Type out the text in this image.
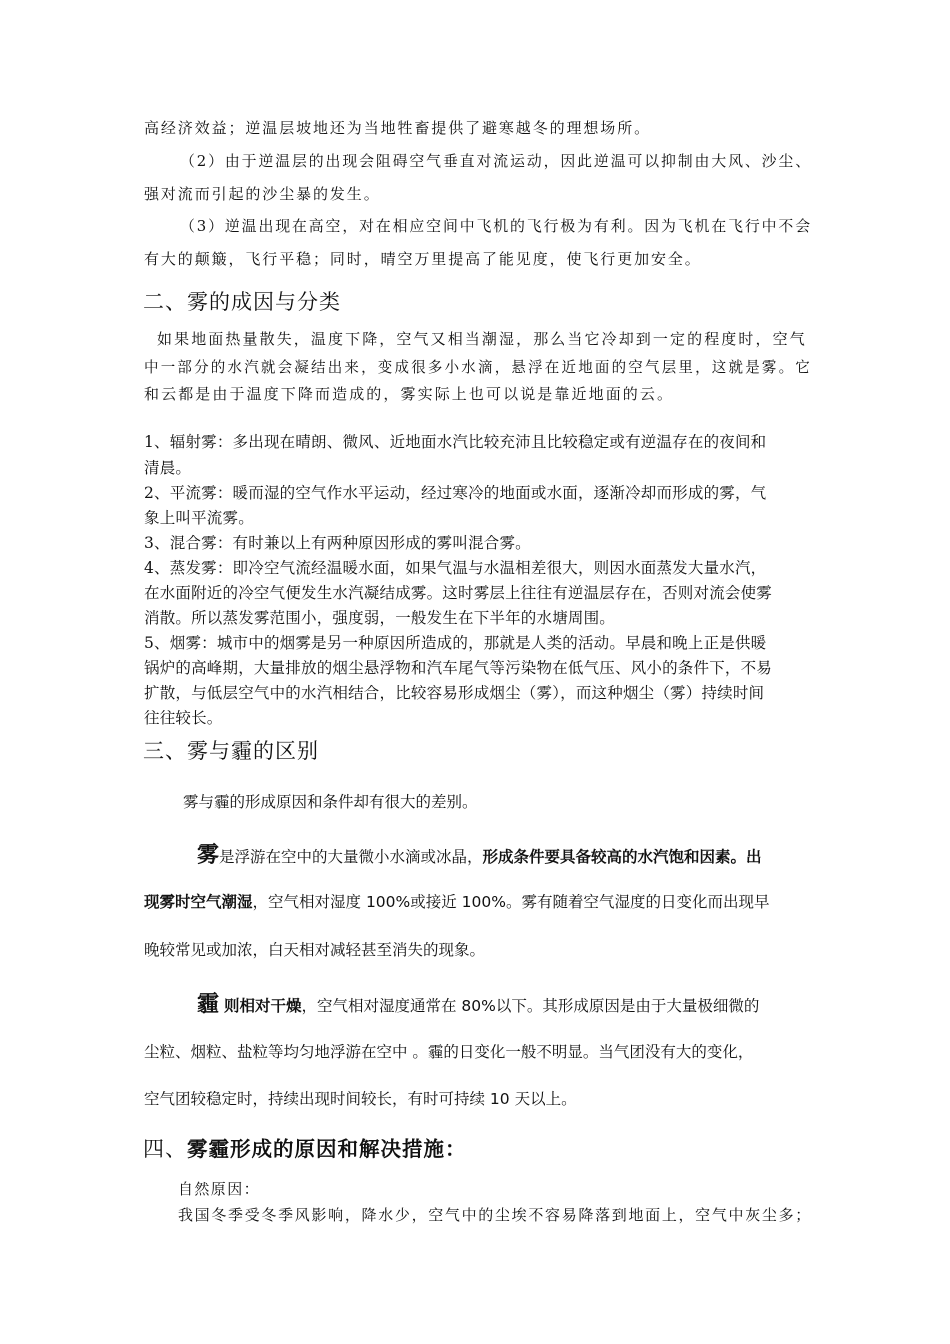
高经济效益；逆温层坡地还为当地牲畜提供了避寒越冬的理想场所。
（2）由于逆温层的出现会阻碍空气垂直对流运动，因此逆温可以抑制由大风、沙尘、
强对流而引起的沙尘暴的发生。
（3）逆温出现在高空，对在相应空间中飞机的飞行极为有利。因为飞机在飞行中不会
有大的颠簸，飞行平稳；同时，晴空万里提高了能见度，使飞行更加安全。
二、雾的成因与分类
如果地面热量散失，温度下降，空气又相当潮湿，那么当它冷却到一定的程度时，空气
中一部分的水汽就会凝结出来，变成很多小水滴，悬浮在近地面的空气层里，这就是雾。它
和云都是由于温度下降而造成的，雾实际上也可以说是靠近地面的云。
1、辐射雾：多出现在晴朗、微风、近地面水汽比较充沛且比较稳定或有逆温存在的夜间和
清晨。
2、平流雾：暖而湿的空气作水平运动，经过寒冷的地面或水面，逐渐冷却而形成的雾，气
象上叫平流雾。
3、混合雾：有时兼以上有两种原因形成的雾叫混合雾。
4、蒸发雾：即冷空气流经温暖水面，如果气温与水温相差很大，则因水面蒸发大量水汽，
在水面附近的冷空气便发生水汽凝结成雾。这时雾层上往往有逆温层存在，否则对流会使雾
消散。所以蒸发雾范围小，强度弱，一般发生在下半年的水塘周围。
5、烟雾：城市中的烟雾是另一种原因所造成的，那就是人类的活动。早晨和晚上正是供暖
锅炉的高峰期，大量排放的烟尘悬浮物和汽车尾气等污染物在低气压、风小的条件下，不易
扩散，与低层空气中的水汽相结合，比较容易形成烟尘（雾），而这种烟尘（雾）持续时间
往往较长。
三、雾与霾的区别
雾与霾的形成原因和条件却有很大的差别。
雾是浮游在空中的大量微小水滴或冰晶，形成条件要具备较高的水汽饱和因素。出
现雾时空气潮湿，空气相对湿度 100%或接近 100%。雾有随着空气湿度的日变化而出现早
晚较常见或加浓，白天相对减轻甚至消失的现象。
霾 则相对干燥，空气相对湿度通常在 80%以下。其形成原因是由于大量极细微的
尘粒、烟粒、盐粒等均匀地浮游在空中 。霾的日变化一般不明显。当气团没有大的变化，
空气团较稳定时，持续出现时间较长，有时可持续 10 天以上。
四、雾霾形成的原因和解决措施：
自然原因：
我国冬季受冬季风影响，降水少，空气中的尘埃不容易降落到地面上，空气中灰尘多；
